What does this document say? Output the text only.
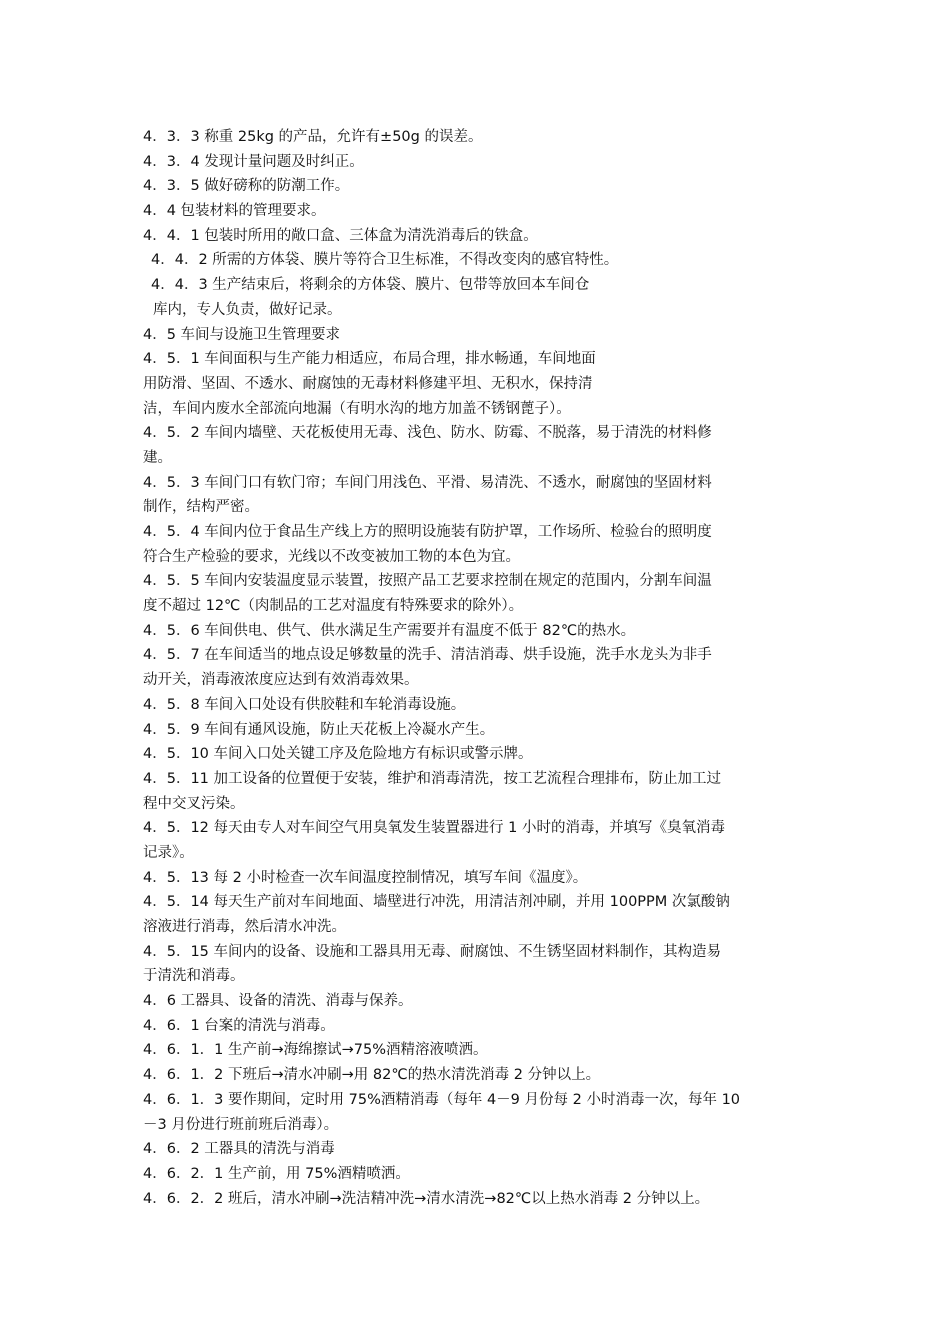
4．3．3 称重 25kg 的产品，允许有±50g 的误差。
4．3．4 发现计量问题及时纠正。
4．3．5 做好磅称的防潮工作。
4．4 包装材料的管理要求。
4．4．1 包装时所用的敞口盒、三体盒为清洗消毒后的铁盒。
4．4．2 所需的方体袋、膜片等符合卫生标准，不得改变肉的感官特性。
4．4．3 生产结束后，将剩余的方体袋、膜片、包带等放回本车间仓
库内，专人负责，做好记录。
4．5 车间与设施卫生管理要求
4．5．1 车间面积与生产能力相适应，布局合理，排水畅通，车间地面
用防滑、坚固、不透水、耐腐蚀的无毒材料修建平坦、无积水，保持清
洁，车间内废水全部流向地漏（有明水沟的地方加盖不锈钢蓖子）。
4．5．2 车间内墙壁、天花板使用无毒、浅色、防水、防霉、不脱落，易于清洗的材料修
建。
4．5．3 车间门口有软门帘；车间门用浅色、平滑、易清洗、不透水，耐腐蚀的坚固材料
制作，结构严密。
4．5．4 车间内位于食品生产线上方的照明设施装有防护罩，工作场所、检验台的照明度
符合生产检验的要求，光线以不改变被加工物的本色为宜。
4．5．5 车间内安装温度显示装置，按照产品工艺要求控制在规定的范围内，分割车间温
度不超过 12℃（肉制品的工艺对温度有特殊要求的除外）。
4．5．6 车间供电、供气、供水满足生产需要并有温度不低于 82℃的热水。
4．5．7 在车间适当的地点设足够数量的洗手、清洁消毒、烘手设施，洗手水龙头为非手
动开关，消毒液浓度应达到有效消毒效果。
4．5．8 车间入口处设有供胶鞋和车轮消毒设施。
4．5．9 车间有通风设施，防止天花板上冷凝水产生。
4．5．10 车间入口处关键工序及危险地方有标识或警示牌。
4．5．11 加工设备的位置便于安装，维护和消毒清洗，按工艺流程合理排布，防止加工过
程中交叉污染。
4．5．12 每天由专人对车间空气用臭氧发生装置器进行 1 小时的消毒，并填写《臭氧消毒
记录》。
4．5．13 每 2 小时检查一次车间温度控制情况，填写车间《温度》。
4．5．14 每天生产前对车间地面、墙壁进行冲洗，用清洁剂冲刷，并用 100PPM 次氯酸钠
溶液进行消毒，然后清水冲洗。
4．5．15 车间内的设备、设施和工器具用无毒、耐腐蚀、不生锈坚固材料制作，其构造易
于清洗和消毒。
4．6 工器具、设备的清洗、消毒与保养。
4．6．1 台案的清洗与消毒。
4．6．1．1 生产前→海绵擦试→75%酒精溶液喷洒。
4．6．1．2 下班后→清水冲刷→用 82℃的热水清洗消毒 2 分钟以上。
4．6．1．3 要作期间，定时用 75%酒精消毒（每年 4－9 月份每 2 小时消毒一次，每年 10
－3 月份进行班前班后消毒）。
4．6．2 工器具的清洗与消毒
4．6．2．1 生产前，用 75%酒精喷洒。
4．6．2．2 班后，清水冲刷→洗洁精冲洗→清水清洗→82℃以上热水消毒 2 分钟以上。
